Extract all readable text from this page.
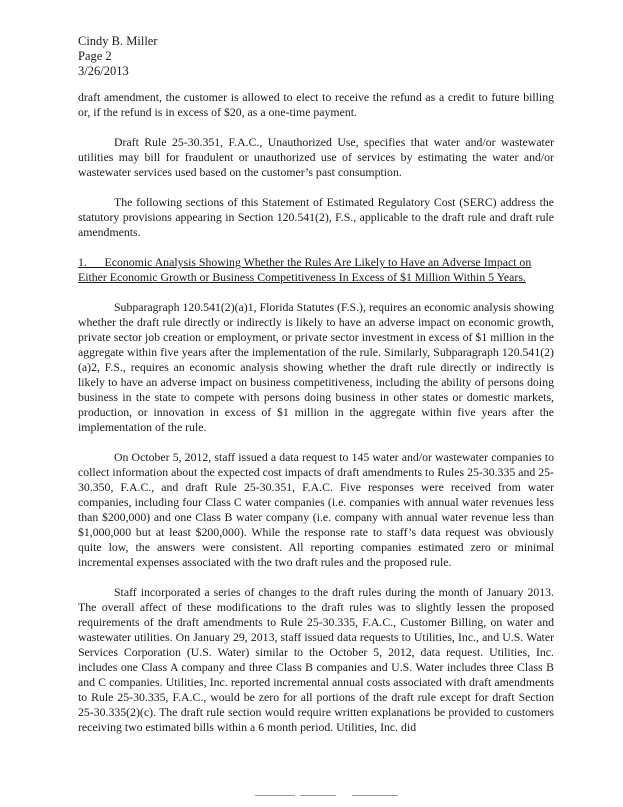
Cindy B. Miller
Page 2
3/26/2013

draft amendment, the customer is allowed to elect to receive the refund as a credit to future billing or, if the refund is in excess of $20, as a one-time payment.

Draft Rule 25-30.351, F.A.C., Unauthorized Use, specifies that water and/or wastewater utilities may bill for fraudulent or unauthorized use of services by estimating the water and/or wastewater services used based on the customer’s past consumption.

The following sections of this Statement of Estimated Regulatory Cost (SERC) address the statutory provisions appearing in Section 120.541(2), F.S., applicable to the draft rule and draft rule amendments.

1.      Economic Analysis Showing Whether the Rules Are Likely to Have an Adverse Impact on Either Economic Growth or Business Competitiveness In Excess of $1 Million Within 5 Years.

Subparagraph 120.541(2)(a)1, Florida Statutes (F.S.), requires an economic analysis showing whether the draft rule directly or indirectly is likely to have an adverse impact on economic growth, private sector job creation or employment, or private sector investment in excess of $1 million in the aggregate within five years after the implementation of the rule. Similarly, Subparagraph 120.541(2)(a)2, F.S., requires an economic analysis showing whether the draft rule directly or indirectly is likely to have an adverse impact on business competitiveness, including the ability of persons doing business in the state to compete with persons doing business in other states or domestic markets, production, or innovation in excess of $1 million in the aggregate within five years after the implementation of the rule.

On October 5, 2012, staff issued a data request to 145 water and/or wastewater companies to collect information about the expected cost impacts of draft amendments to Rules 25-30.335 and 25-30.350, F.A.C., and draft Rule 25-30.351, F.A.C. Five responses were received from water companies, including four Class C water companies (i.e. companies with annual water revenues less than $200,000) and one Class B water company (i.e. company with annual water revenue less than $1,000,000 but at least $200,000). While the response rate to staff’s data request was obviously quite low, the answers were consistent. All reporting companies estimated zero or minimal incremental expenses associated with the two draft rules and the proposed rule.

Staff incorporated a series of changes to the draft rules during the month of January 2013. The overall affect of these modifications to the draft rules was to slightly lessen the proposed requirements of the draft amendments to Rule 25-30.335, F.A.C., Customer Billing, on water and wastewater utilities. On January 29, 2013, staff issued data requests to Utilities, Inc., and U.S. Water Services Corporation (U.S. Water) similar to the October 5, 2012, data request. Utilities, Inc. includes one Class A company and three Class B companies and U.S. Water includes three Class B and C companies. Utilities, Inc. reported incremental annual costs associated with draft amendments to Rule 25-30.335, F.A.C., would be zero for all portions of the draft rule except for draft Section 25-30.335(2)(c). The draft rule section would require written explanations be provided to customers receiving two estimated bills within a 6 month period. Utilities, Inc. did
